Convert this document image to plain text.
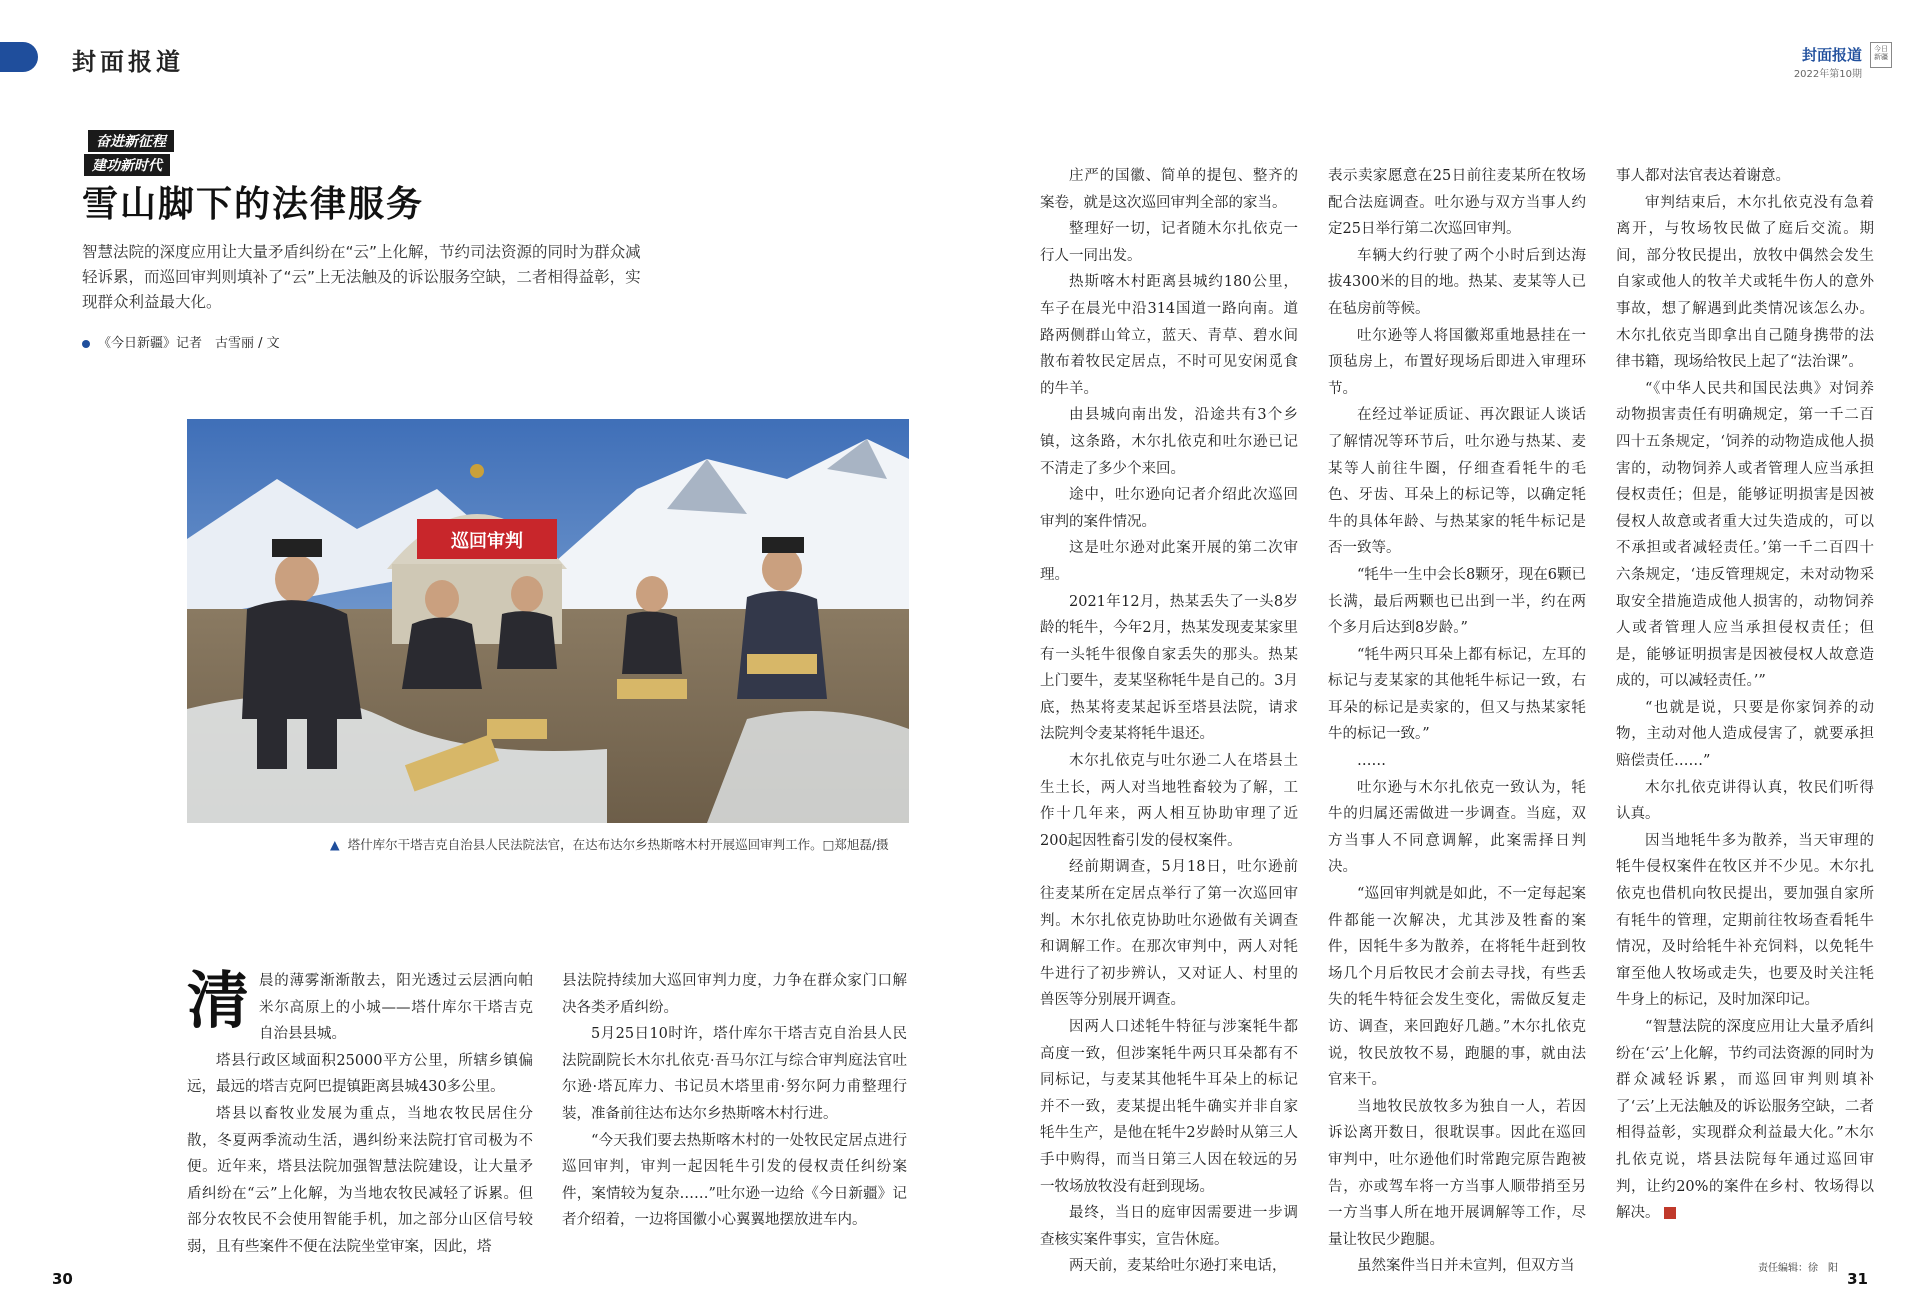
封面报道	封面报道
2022年第10期
今日新疆
奋进新征程
建功新时代
雪山脚下的法律服务
智慧法院的深度应用让大量矛盾纠纷在“云”上化解，节约司法资源的同时为群众减轻诉累，而巡回审判则填补了“云”上无法触及的诉讼服务空缺，二者相得益彰，实现群众利益最大化。
《今日新疆》记者　古雪丽 / 文
巡回审判
▲ 塔什库尔干塔吉克自治县人民法院法官，在达布达尔乡热斯喀木村开展巡回审判工作。□郑旭磊/摄
清 晨的薄雾渐渐散去，阳光透过云层洒向帕米尔高原上的小城——塔什库尔干塔吉克自治县县城。

塔县行政区域面积25000平方公里，所辖乡镇偏远，最远的塔吉克阿巴提镇距离县城430多公里。

塔县以畜牧业发展为重点，当地农牧民居住分散，冬夏两季流动生活，遇纠纷来法院打官司极为不便。近年来，塔县法院加强智慧法院建设，让大量矛盾纠纷在“云”上化解，为当地农牧民减轻了诉累。但部分农牧民不会使用智能手机，加之部分山区信号较弱，且有些案件不便在法院坐堂审案，因此，塔

县法院持续加大巡回审判力度，力争在群众家门口解决各类矛盾纠纷。

5月25日10时许，塔什库尔干塔吉克自治县人民法院副院长木尔扎依克·吾马尔江与综合审判庭法官吐尔逊·塔瓦库力、书记员木塔里甫·努尔阿力甫整理行装，准备前往达布达尔乡热斯喀木村行进。

“今天我们要去热斯喀木村的一处牧民定居点进行巡回审判，审判一起因牦牛引发的侵权责任纠纷案件，案情较为复杂……”吐尔逊一边给《今日新疆》记者介绍着，一边将国徽小心翼翼地摆放进车内。

庄严的国徽、简单的提包、整齐的案卷，就是这次巡回审判全部的家当。

整理好一切，记者随木尔扎依克一行人一同出发。

热斯喀木村距离县城约180公里，车子在晨光中沿314国道一路向南。道路两侧群山耸立，蓝天、青草、碧水间散布着牧民定居点，不时可见安闲觅食的牛羊。

由县城向南出发，沿途共有3个乡镇，这条路，木尔扎依克和吐尔逊已记不清走了多少个来回。

途中，吐尔逊向记者介绍此次巡回审判的案件情况。

这是吐尔逊对此案开展的第二次审理。

2021年12月，热某丢失了一头8岁龄的牦牛，今年2月，热某发现麦某家里有一头牦牛很像自家丢失的那头。热某上门要牛，麦某坚称牦牛是自己的。3月底，热某将麦某起诉至塔县法院，请求法院判令麦某将牦牛退还。

木尔扎依克与吐尔逊二人在塔县土生土长，两人对当地牲畜较为了解，工作十几年来，两人相互协助审理了近200起因牲畜引发的侵权案件。

经前期调查，5月18日，吐尔逊前往麦某所在定居点举行了第一次巡回审判。木尔扎依克协助吐尔逊做有关调查和调解工作。在那次审判中，两人对牦牛进行了初步辨认，又对证人、村里的兽医等分别展开调查。

因两人口述牦牛特征与涉案牦牛都高度一致，但涉案牦牛两只耳朵都有不同标记，与麦某其他牦牛耳朵上的标记并不一致，麦某提出牦牛确实并非自家牦牛生产，是他在牦牛2岁龄时从第三人手中购得，而当日第三人因在较远的另一牧场放牧没有赶到现场。

最终，当日的庭审因需要进一步调查核实案件事实，宣告休庭。

两天前，麦某给吐尔逊打来电话，

表示卖家愿意在25日前往麦某所在牧场配合法庭调查。吐尔逊与双方当事人约定25日举行第二次巡回审判。

车辆大约行驶了两个小时后到达海拔4300米的目的地。热某、麦某等人已在毡房前等候。

吐尔逊等人将国徽郑重地悬挂在一顶毡房上，布置好现场后即进入审理环节。

在经过举证质证、再次跟证人谈话了解情况等环节后，吐尔逊与热某、麦某等人前往牛圈，仔细查看牦牛的毛色、牙齿、耳朵上的标记等，以确定牦牛的具体年龄、与热某家的牦牛标记是否一致等。

“牦牛一生中会长8颗牙，现在6颗已长满，最后两颗也已出到一半，约在两个多月后达到8岁龄。”

“牦牛两只耳朵上都有标记，左耳的标记与麦某家的其他牦牛标记一致，右耳朵的标记是卖家的，但又与热某家牦牛的标记一致。”

……

吐尔逊与木尔扎依克一致认为，牦牛的归属还需做进一步调查。当庭，双方当事人不同意调解，此案需择日判决。

“巡回审判就是如此，不一定每起案件都能一次解决，尤其涉及牲畜的案件，因牦牛多为散养，在将牦牛赶到牧场几个月后牧民才会前去寻找，有些丢失的牦牛特征会发生变化，需做反复走访、调查，来回跑好几趟。”木尔扎依克说，牧民放牧不易，跑腿的事，就由法官来干。

当地牧民放牧多为独自一人，若因诉讼离开数日，很耽误事。因此在巡回审判中，吐尔逊他们时常跑完原告跑被告，亦或驾车将一方当事人顺带捎至另一方当事人所在地开展调解等工作，尽量让牧民少跑腿。

虽然案件当日并未宣判，但双方当

事人都对法官表达着谢意。

审判结束后，木尔扎依克没有急着离开，与牧场牧民做了庭后交流。期间，部分牧民提出，放牧中偶然会发生自家或他人的牧羊犬或牦牛伤人的意外事故，想了解遇到此类情况该怎么办。木尔扎依克当即拿出自己随身携带的法律书籍，现场给牧民上起了“法治课”。

“《中华人民共和国民法典》对饲养动物损害责任有明确规定，第一千二百四十五条规定，‘饲养的动物造成他人损害的，动物饲养人或者管理人应当承担侵权责任；但是，能够证明损害是因被侵权人故意或者重大过失造成的，可以不承担或者减轻责任。’第一千二百四十六条规定，‘违反管理规定，未对动物采取安全措施造成他人损害的，动物饲养人或者管理人应当承担侵权责任；但是，能够证明损害是因被侵权人故意造成的，可以减轻责任。’”

“也就是说，只要是你家饲养的动物，主动对他人造成侵害了，就要承担赔偿责任……”

木尔扎依克讲得认真，牧民们听得认真。

因当地牦牛多为散养，当天审理的牦牛侵权案件在牧区并不少见。木尔扎依克也借机向牧民提出，要加强自家所有牦牛的管理，定期前往牧场查看牦牛情况，及时给牦牛补充饲料，以免牦牛窜至他人牧场或走失，也要及时关注牦牛身上的标记，及时加深印记。

“智慧法院的深度应用让大量矛盾纠纷在‘云’上化解，节约司法资源的同时为群众减轻诉累，而巡回审判则填补了‘云’上无法触及的诉讼服务空缺，二者相得益彰，实现群众利益最大化。”木尔扎依克说，塔县法院每年通过巡回审判，让约20%的案件在乡村、牧场得以解决。

30
责任编辑：徐　阳
31
